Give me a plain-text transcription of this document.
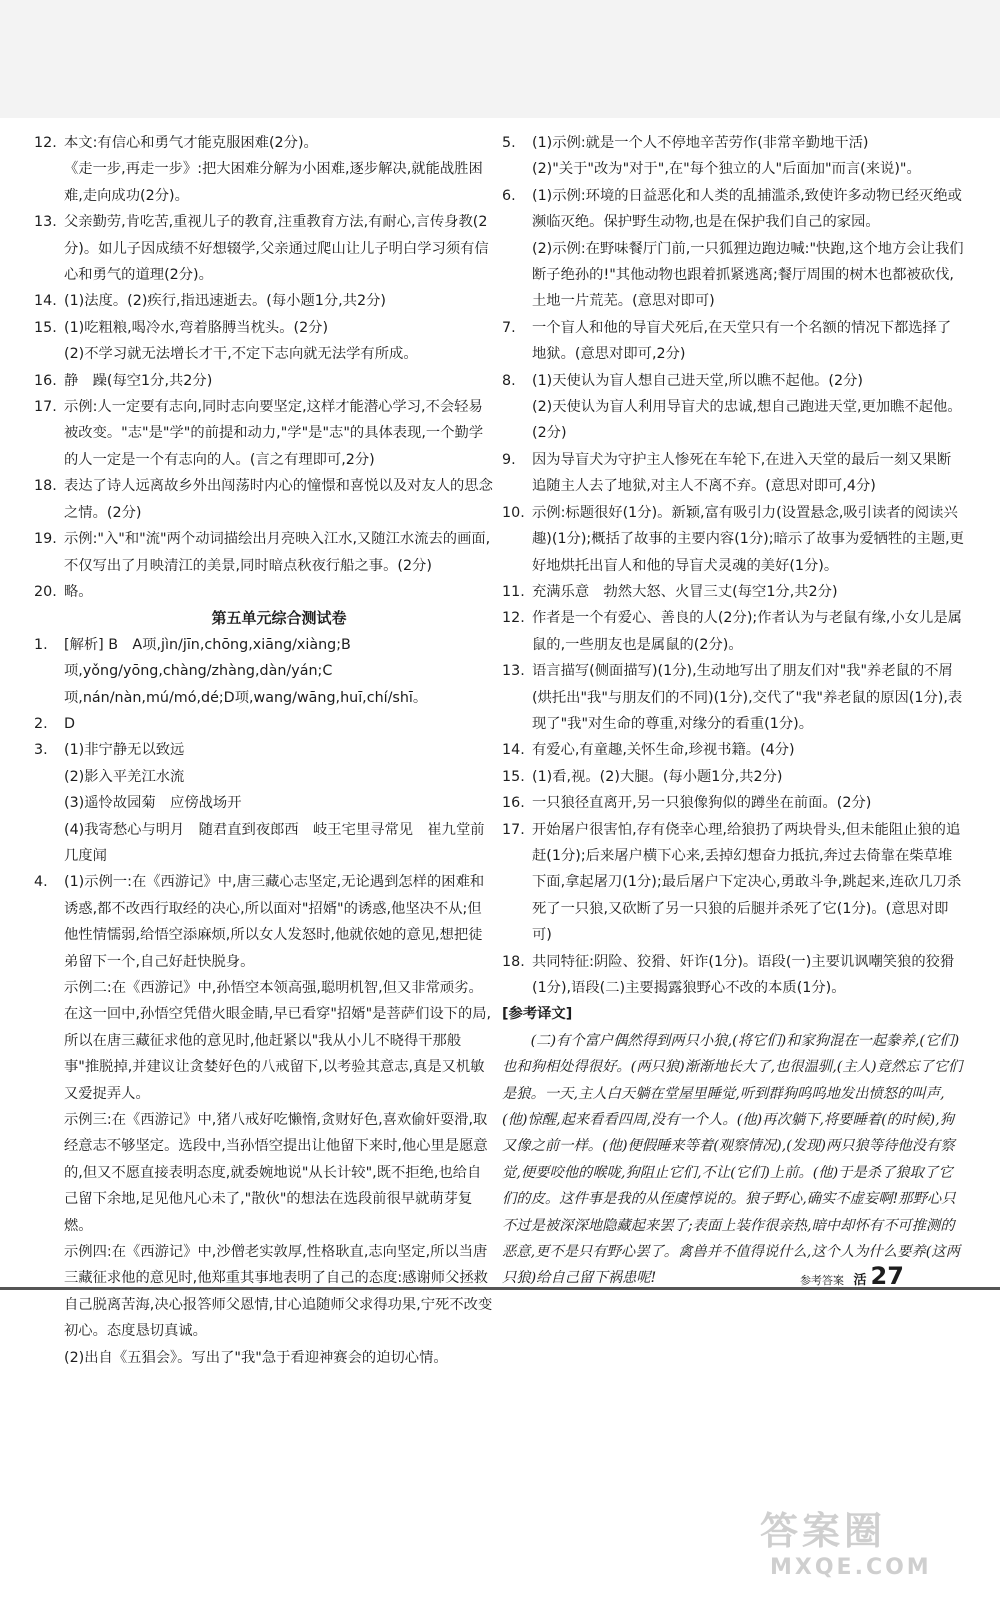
12. 本文:有信心和勇气才能克服困难(2分)。
《走一步,再走一步》:把大困难分解为小困难,逐步解决,就能战胜困难,走向成功(2分)。
13. 父亲勤劳,肯吃苦,重视儿子的教育,注重教育方法,有耐心,言传身教(2分)。如儿子因成绩不好想辍学,父亲通过爬山让儿子明白学习须有信心和勇气的道理(2分)。
14. (1)法度。(2)疾行,指迅速逝去。(每小题1分,共2分)
15. (1)吃粗粮,喝冷水,弯着胳膊当枕头。(2分)
(2)不学习就无法增长才干,不定下志向就无法学有所成。
16. 静　躁(每空1分,共2分)
17. 示例:人一定要有志向,同时志向要坚定,这样才能潜心学习,不会轻易被改变。"志"是"学"的前提和动力,"学"是"志"的具体表现,一个勤学的人一定是一个有志向的人。(言之有理即可,2分)
18. 表达了诗人远离故乡外出闯荡时内心的憧憬和喜悦以及对友人的思念之情。(2分)
19. 示例:"入"和"流"两个动词描绘出月亮映入江水,又随江水流去的画面,不仅写出了月映清江的美景,同时暗点秋夜行船之事。(2分)
20. 略。
第五单元综合测试卷
1. [解析] B　A项,jìn/jīn,chōng,xiāng/xiàng;B项,yǒng/yōng,chàng/zhàng,dàn/yán;C项,nán/nàn,mú/mó,dé;D项,wang/wāng,huī,chí/shī。
2. D
3. (1)非宁静无以致远
(2)影入平羌江水流
(3)遥怜故园菊　应傍战场开
(4)我寄愁心与明月　随君直到夜郎西　岐王宅里寻常见　崔九堂前几度闻
4. (1)示例一:在《西游记》中,唐三藏心志坚定,无论遇到怎样的困难和诱惑,都不改西行取经的决心,所以面对"招婿"的诱惑,他坚决不从;但他性情懦弱,给悟空添麻烦,所以女人发怒时,他就依她的意见,想把徒弟留下一个,自己好赶快脱身。
示例二:在《西游记》中,孙悟空本领高强,聪明机智,但又非常顽劣。在这一回中,孙悟空凭借火眼金睛,早已看穿"招婿"是菩萨们设下的局,所以在唐三藏征求他的意见时,他赶紧以"我从小儿不晓得干那般事"推脱掉,并建议让贪婪好色的八戒留下,以考验其意志,真是又机敏又爱捉弄人。
示例三:在《西游记》中,猪八戒好吃懒惰,贪财好色,喜欢偷奸耍滑,取经意志不够坚定。选段中,当孙悟空提出让他留下来时,他心里是愿意的,但又不愿直接表明态度,就委婉地说"从长计较",既不拒绝,也给自己留下余地,足见他凡心未了,"散伙"的想法在选段前很早就萌芽复燃。
示例四:在《西游记》中,沙僧老实敦厚,性格耿直,志向坚定,所以当唐三藏征求他的意见时,他郑重其事地表明了自己的态度:感谢师父拯救自己脱离苦海,决心报答师父恩情,甘心追随师父求得功果,宁死不改变初心。态度恳切真诚。
(2)出自《五猖会》。写出了"我"急于看迎神赛会的迫切心情。
5. (1)示例:就是一个人不停地辛苦劳作(非常辛勤地干活)
(2)"关于"改为"对于",在"每个独立的人"后面加"而言(来说)"。
6. (1)示例:环境的日益恶化和人类的乱捕滥杀,致使许多动物已经灭绝或濒临灭绝。保护野生动物,也是在保护我们自己的家园。
(2)示例:在野味餐厅门前,一只狐狸边跑边喊:"快跑,这个地方会让我们断子绝孙的!"其他动物也跟着抓紧逃离;餐厅周围的树木也都被砍伐,土地一片荒芜。(意思对即可)
7. 一个盲人和他的导盲犬死后,在天堂只有一个名额的情况下都选择了地狱。(意思对即可,2分)
8. (1)天使认为盲人想自己进天堂,所以瞧不起他。(2分)
(2)天使认为盲人利用导盲犬的忠诚,想自己跑进天堂,更加瞧不起他。(2分)
9. 因为导盲犬为守护主人惨死在车轮下,在进入天堂的最后一刻又果断追随主人去了地狱,对主人不离不弃。(意思对即可,4分)
10. 示例:标题很好(1分)。新颖,富有吸引力(设置悬念,吸引读者的阅读兴趣)(1分);概括了故事的主要内容(1分);暗示了故事为爱牺牲的主题,更好地烘托出盲人和他的导盲犬灵魂的美好(1分)。
11. 充满乐意　勃然大怒、火冒三丈(每空1分,共2分)
12. 作者是一个有爱心、善良的人(2分);作者认为与老鼠有缘,小女儿是属鼠的,一些朋友也是属鼠的(2分)。
13. 语言描写(侧面描写)(1分),生动地写出了朋友们对"我"养老鼠的不屑(烘托出"我"与朋友们的不同)(1分),交代了"我"养老鼠的原因(1分),表现了"我"对生命的尊重,对缘分的看重(1分)。
14. 有爱心,有童趣,关怀生命,珍视书籍。(4分)
15. (1)看,视。(2)大腿。(每小题1分,共2分)
16. 一只狼径直离开,另一只狼像狗似的蹲坐在前面。(2分)
17. 开始屠户很害怕,存有侥幸心理,给狼扔了两块骨头,但未能阻止狼的追赶(1分);后来屠户横下心来,丢掉幻想奋力抵抗,奔过去倚靠在柴草堆下面,拿起屠刀(1分);最后屠户下定决心,勇敢斗争,跳起来,连砍几刀杀死了一只狼,又砍断了另一只狼的后腿并杀死了它(1分)。(意思对即可)
18. 共同特征:阴险、狡猾、奸诈(1分)。语段(一)主要讥讽嘲笑狼的狡猾(1分),语段(二)主要揭露狼野心不改的本质(1分)。
[参考译文]
(二)有个富户偶然得到两只小狼,(将它们)和家狗混在一起豢养,(它们)也和狗相处得很好。(两只狼)渐渐地长大了,也很温驯,(主人)竟然忘了它们是狼。一天,主人白天躺在堂屋里睡觉,听到群狗呜呜地发出愤怒的叫声,(他)惊醒,起来看看四周,没有一个人。(他)再次躺下,将要睡着(的时候),狗又像之前一样。(他)便假睡来等着(观察情况),(发现)两只狼等待他没有察觉,便要咬他的喉咙,狗阻止它们,不让(它们)上前。(他)于是杀了狼取了它们的皮。这件事是我的从侄虞惇说的。狼子野心,确实不虚妄啊!那野心只不过是被深深地隐藏起来罢了;表面上装作很亲热,暗中却怀有不可推测的恶意,更不是只有野心罢了。禽兽并不值得说什么,这个人为什么要养(这两只狼)给自己留下祸患呢!	参考答案 活 27
答案圈
MXQE.COM
